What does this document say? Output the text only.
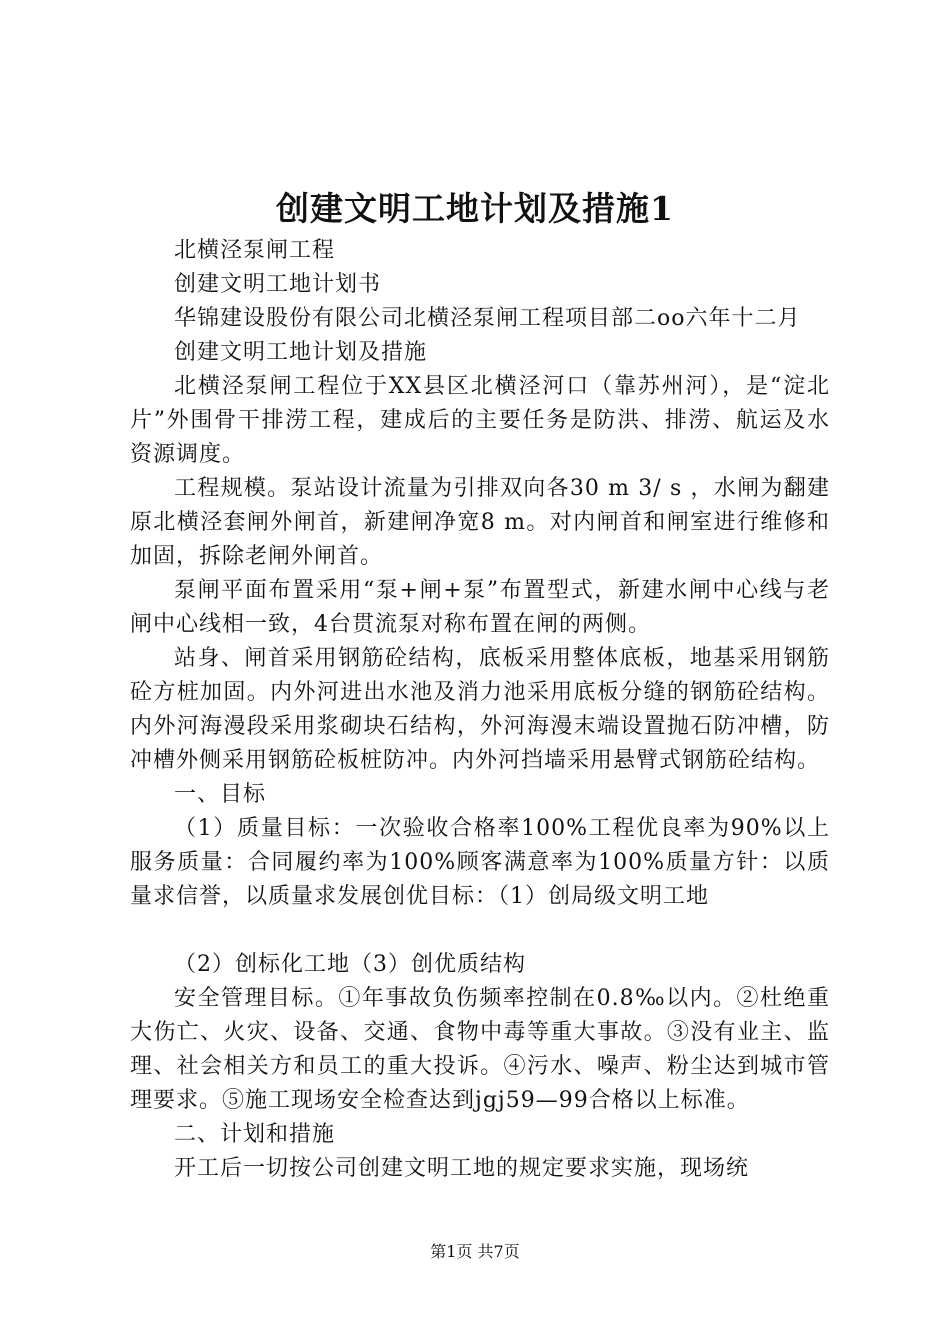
创建文明工地计划及措施1

北横泾泵闸工程

创建文明工地计划书

华锦建设股份有限公司北横泾泵闸工程项目部二oo六年十二月

创建文明工地计划及措施

北横泾泵闸工程位于XX县区北横泾河口（靠苏州河），是“淀北片”外围骨干排涝工程，建成后的主要任务是防洪、排涝、航运及水资源调度。

工程规模。泵站设计流量为引排双向各30 m 3/ s ，水闸为翻建原北横泾套闸外闸首，新建闸净宽8 m。对内闸首和闸室进行维修和加固，拆除老闸外闸首。

泵闸平面布置采用“泵+闸+泵”布置型式，新建水闸中心线与老闸中心线相一致，4台贯流泵对称布置在闸的两侧。

站身、闸首采用钢筋砼结构，底板采用整体底板，地基采用钢筋砼方桩加固。内外河进出水池及消力池采用底板分缝的钢筋砼结构。内外河海漫段采用浆砌块石结构，外河海漫末端设置抛石防冲槽，防冲槽外侧采用钢筋砼板桩防冲。内外河挡墙采用悬臂式钢筋砼结构。

一、目标

（1）质量目标：一次验收合格率100%工程优良率为90%以上服务质量：合同履约率为100%顾客满意率为100%质量方针：以质量求信誉，以质量求发展创优目标：（1）创局级文明工地

（2）创标化工地（3）创优质结构

安全管理目标。①年事故负伤频率控制在0.8‰以内。②杜绝重大伤亡、火灾、设备、交通、食物中毒等重大事故。③没有业主、监理、社会相关方和员工的重大投诉。④污水、噪声、粉尘达到城市管理要求。⑤施工现场安全检查达到jgj59—99合格以上标准。

二、计划和措施

开工后一切按公司创建文明工地的规定要求实施，现场统

第1页 共7页
